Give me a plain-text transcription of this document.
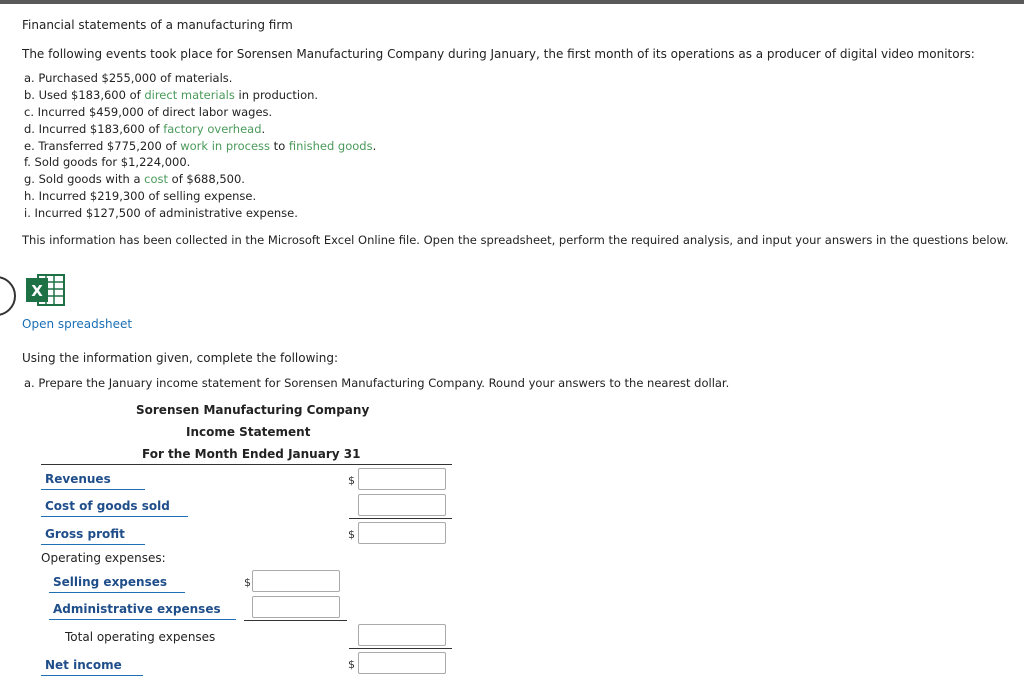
Financial statements of a manufacturing firm
The following events took place for Sorensen Manufacturing Company during January, the first month of its operations as a producer of digital video monitors:
a. Purchased $255,000 of materials.
b. Used $183,600 of direct materials in production.
c. Incurred $459,000 of direct labor wages.
d. Incurred $183,600 of factory overhead.
e. Transferred $775,200 of work in process to finished goods.
f. Sold goods for $1,224,000.
g. Sold goods with a cost of $688,500.
h. Incurred $219,300 of selling expense.
i. Incurred $127,500 of administrative expense.
This information has been collected in the Microsoft Excel Online file. Open the spreadsheet, perform the required analysis, and input your answers in the questions below.
X
Open spreadsheet
Using the information given, complete the following:
a. Prepare the January income statement for Sorensen Manufacturing Company. Round your answers to the nearest dollar.
Sorensen Manufacturing Company
Income Statement
For the Month Ended January 31
Revenues	$
Cost of goods sold
Gross profit	$
Operating expenses:
Selling expenses	$
Administrative expenses
Total operating expenses
Net income	$
